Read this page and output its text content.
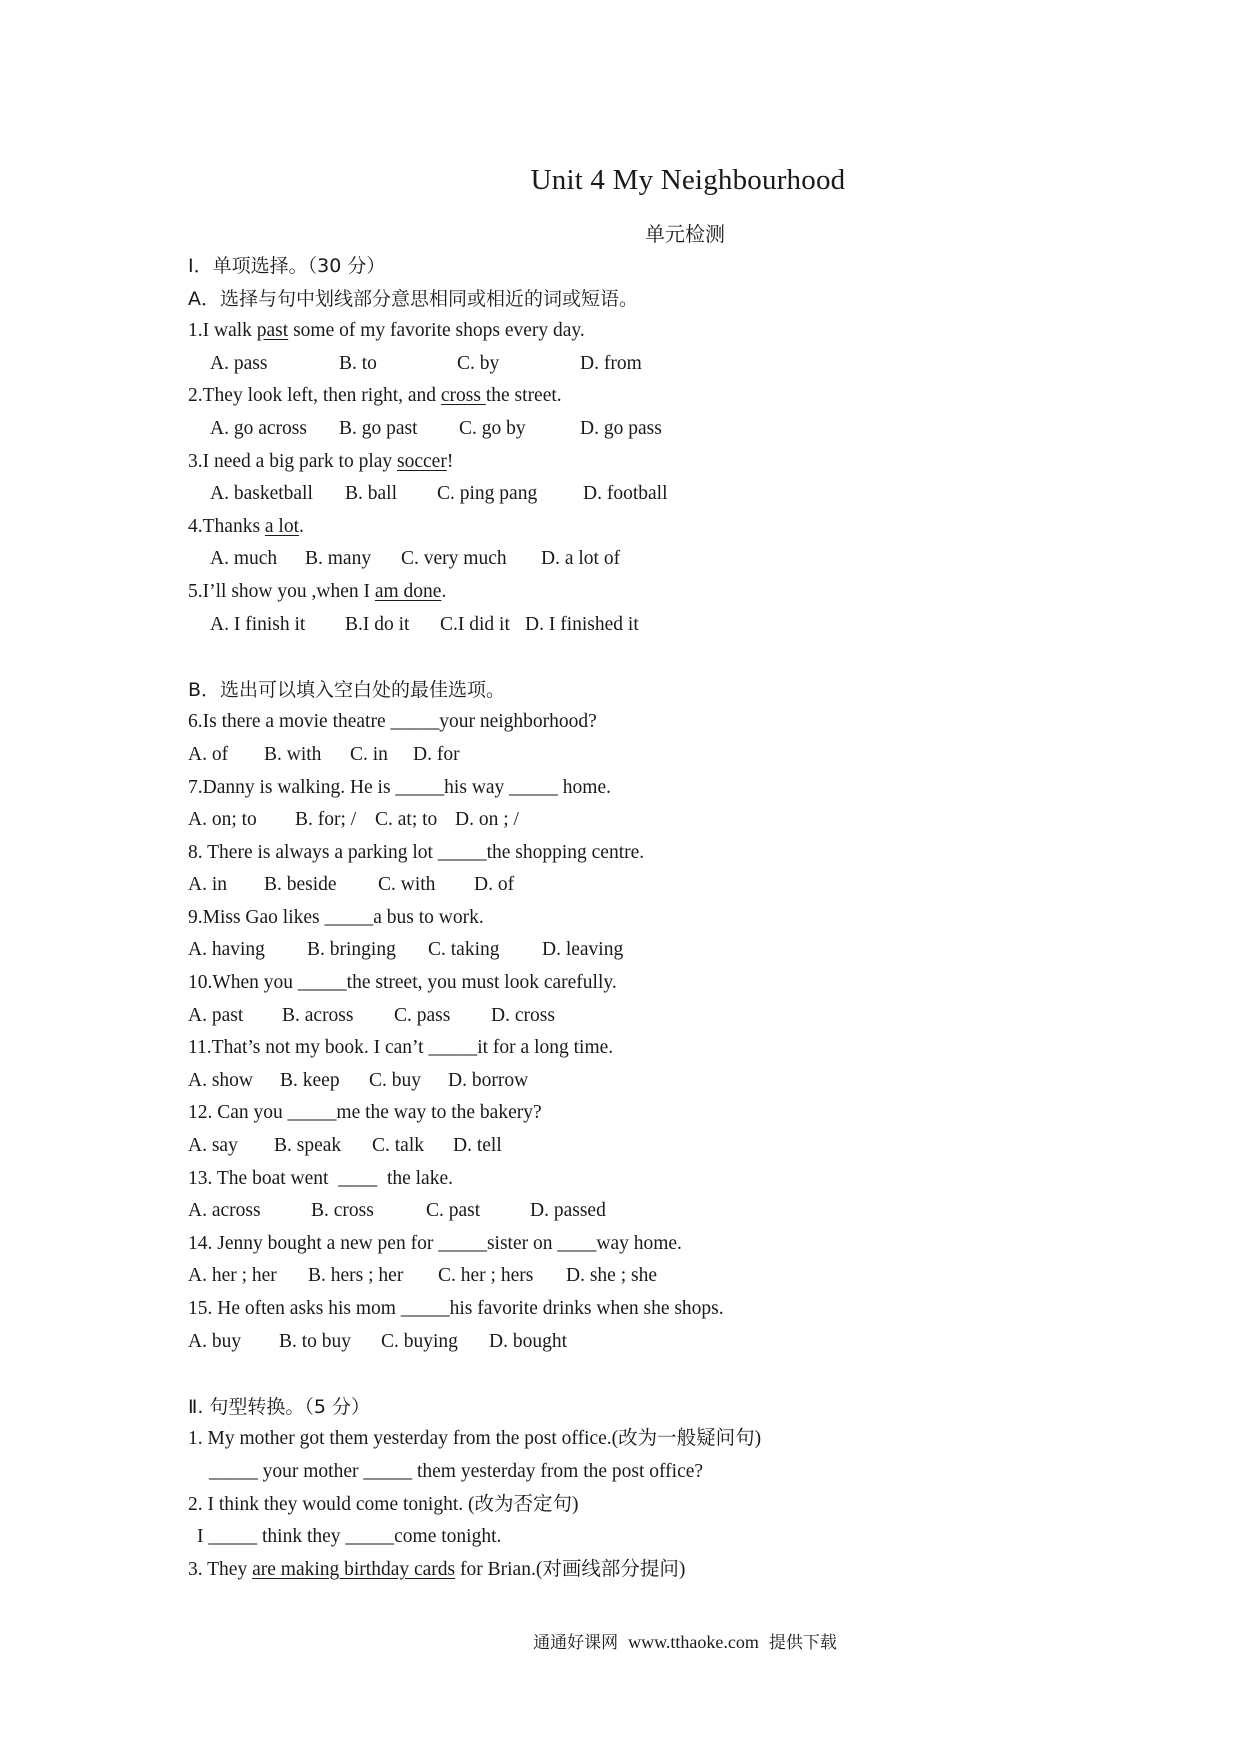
Unit 4 My Neighbourhood
单元检测
Ⅰ．单项选择。（30 分）
A．选择与句中划线部分意思相同或相近的词或短语。
1.I walk past some of my favorite shops every day.
A. pass	B. to	C. by	D. from
2.They look left, then right, and cross the street.
A. go across B. go past C. go by	D. go pass
3.I need a big park to play soccer!
A. basketball B. ball C. ping pang D. football
4.Thanks a lot.
A. much B. many C. very much D. a lot of
5.I’ll show you ,when I am done.
A. I finish it B.I do it C.I did it D. I finished it
B．选出可以填入空白处的最佳选项。
6.Is there a movie theatre _____your neighborhood?
A. of B. with C. in D. for
7.Danny is walking. He is _____his way _____ home.
A. on; to B. for; / C. at; to D. on ; /
8. There is always a parking lot _____the shopping centre.
A. in B. beside C. with D. of
9.Miss Gao likes _____a bus to work.
A. having B. bringing C. taking D. leaving
10.When you _____the street, you must look carefully.
A. past B. across C. pass D. cross
11.That’s not my book. I can’t _____it for a long time.
A. show B. keep C. buy D. borrow
12. Can you _____me the way to the bakery?
A. say B. speak C. talk D. tell
13. The boat went  ____  the lake.
A. across	B. cross	C. past	D. passed
14. Jenny bought a new pen for _____sister on ____way home.
A. her ; her B. hers ; her C. her ; hers D. she ; she
15. He often asks his mom _____his favorite drinks when she shops.
A. buy B. to buy C. buying D. bought
Ⅱ. 句型转换。（5 分）
1. My mother got them yesterday from the post office.(改为一般疑问句)
_____ your mother _____ them yesterday from the post office?
2. I think they would come tonight. (改为否定句)
I _____ think they _____come tonight.
3. They are making birthday cards for Brian.(对画线部分提问)
通通好课网 www.tthaoke.com 提供下载
